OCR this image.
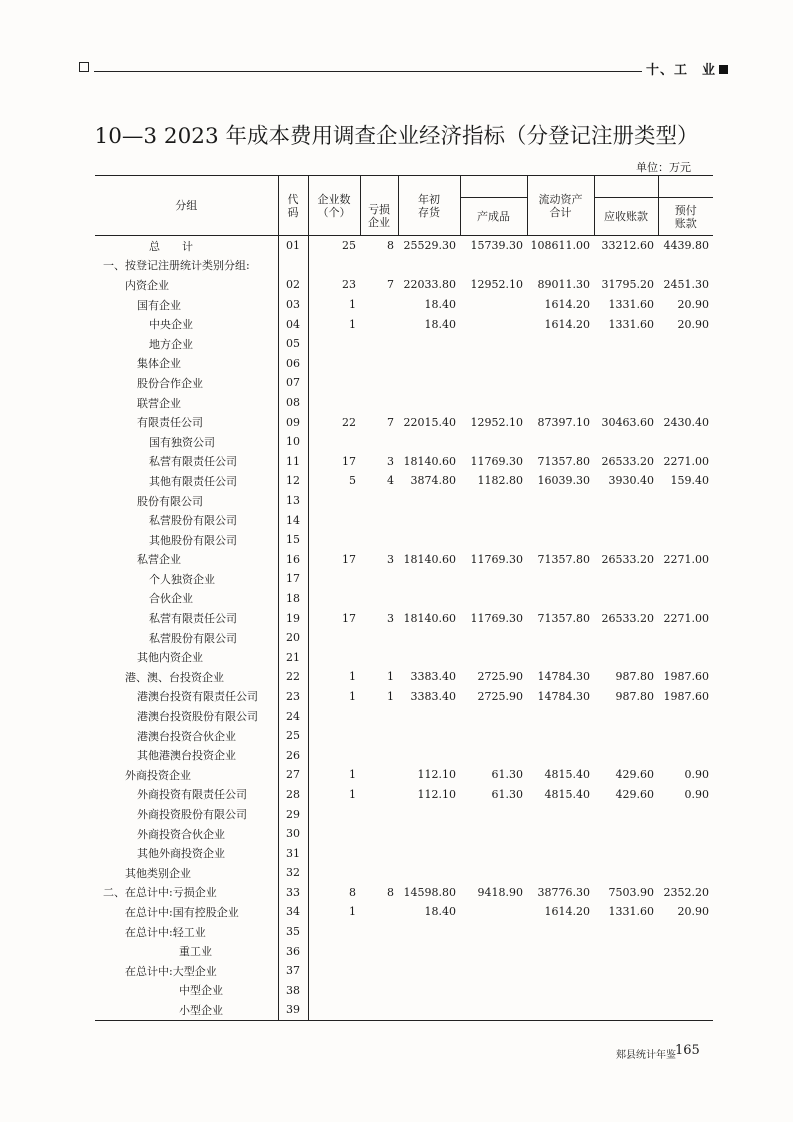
十、工　业
10—3 2023 年成本费用调查企业经济指标（分登记注册类型）
单位：万元
分组	代码	企业数（个）		年初存货		流动资产合计		

			亏损企业		产成品		应收账款	预付账款

总　　计	01	25	8	25529.30	15739.30	108611.00	33212.60	4439.80
一、按登记注册统计类别分组:								
内资企业	02	23	7	22033.80	12952.10	89011.30	31795.20	2451.30
国有企业	03	1		18.40		1614.20	1331.60	20.90
中央企业	04	1		18.40		1614.20	1331.60	20.90
地方企业	05							
集体企业	06							
股份合作企业	07							
联营企业	08							
有限责任公司	09	22	7	22015.40	12952.10	87397.10	30463.60	2430.40
国有独资公司	10							
私营有限责任公司	11	17	3	18140.60	11769.30	71357.80	26533.20	2271.00
其他有限责任公司	12	5	4	3874.80	1182.80	16039.30	3930.40	159.40
股份有限公司	13							
私营股份有限公司	14							
其他股份有限公司	15							
私营企业	16	17	3	18140.60	11769.30	71357.80	26533.20	2271.00
个人独资企业	17							
合伙企业	18							
私营有限责任公司	19	17	3	18140.60	11769.30	71357.80	26533.20	2271.00
私营股份有限公司	20							
其他内资企业	21							
港、澳、台投资企业	22	1	1	3383.40	2725.90	14784.30	987.80	1987.60
港澳台投资有限责任公司	23	1	1	3383.40	2725.90	14784.30	987.80	1987.60
港澳台投资股份有限公司	24							
港澳台投资合伙企业	25							
其他港澳台投资企业	26							
外商投资企业	27	1		112.10	61.30	4815.40	429.60	0.90
外商投资有限责任公司	28	1		112.10	61.30	4815.40	429.60	0.90
外商投资股份有限公司	29							
外商投资合伙企业	30							
其他外商投资企业	31							
其他类别企业	32							
二、在总计中:亏损企业	33	8	8	14598.80	9418.90	38776.30	7503.90	2352.20
在总计中:国有控股企业	34	1		18.40		1614.20	1331.60	20.90
在总计中:轻工业	35							
重工业	36							
在总计中:大型企业	37							
中型企业	38							
小型企业	39							
郏县统计年鉴 165
